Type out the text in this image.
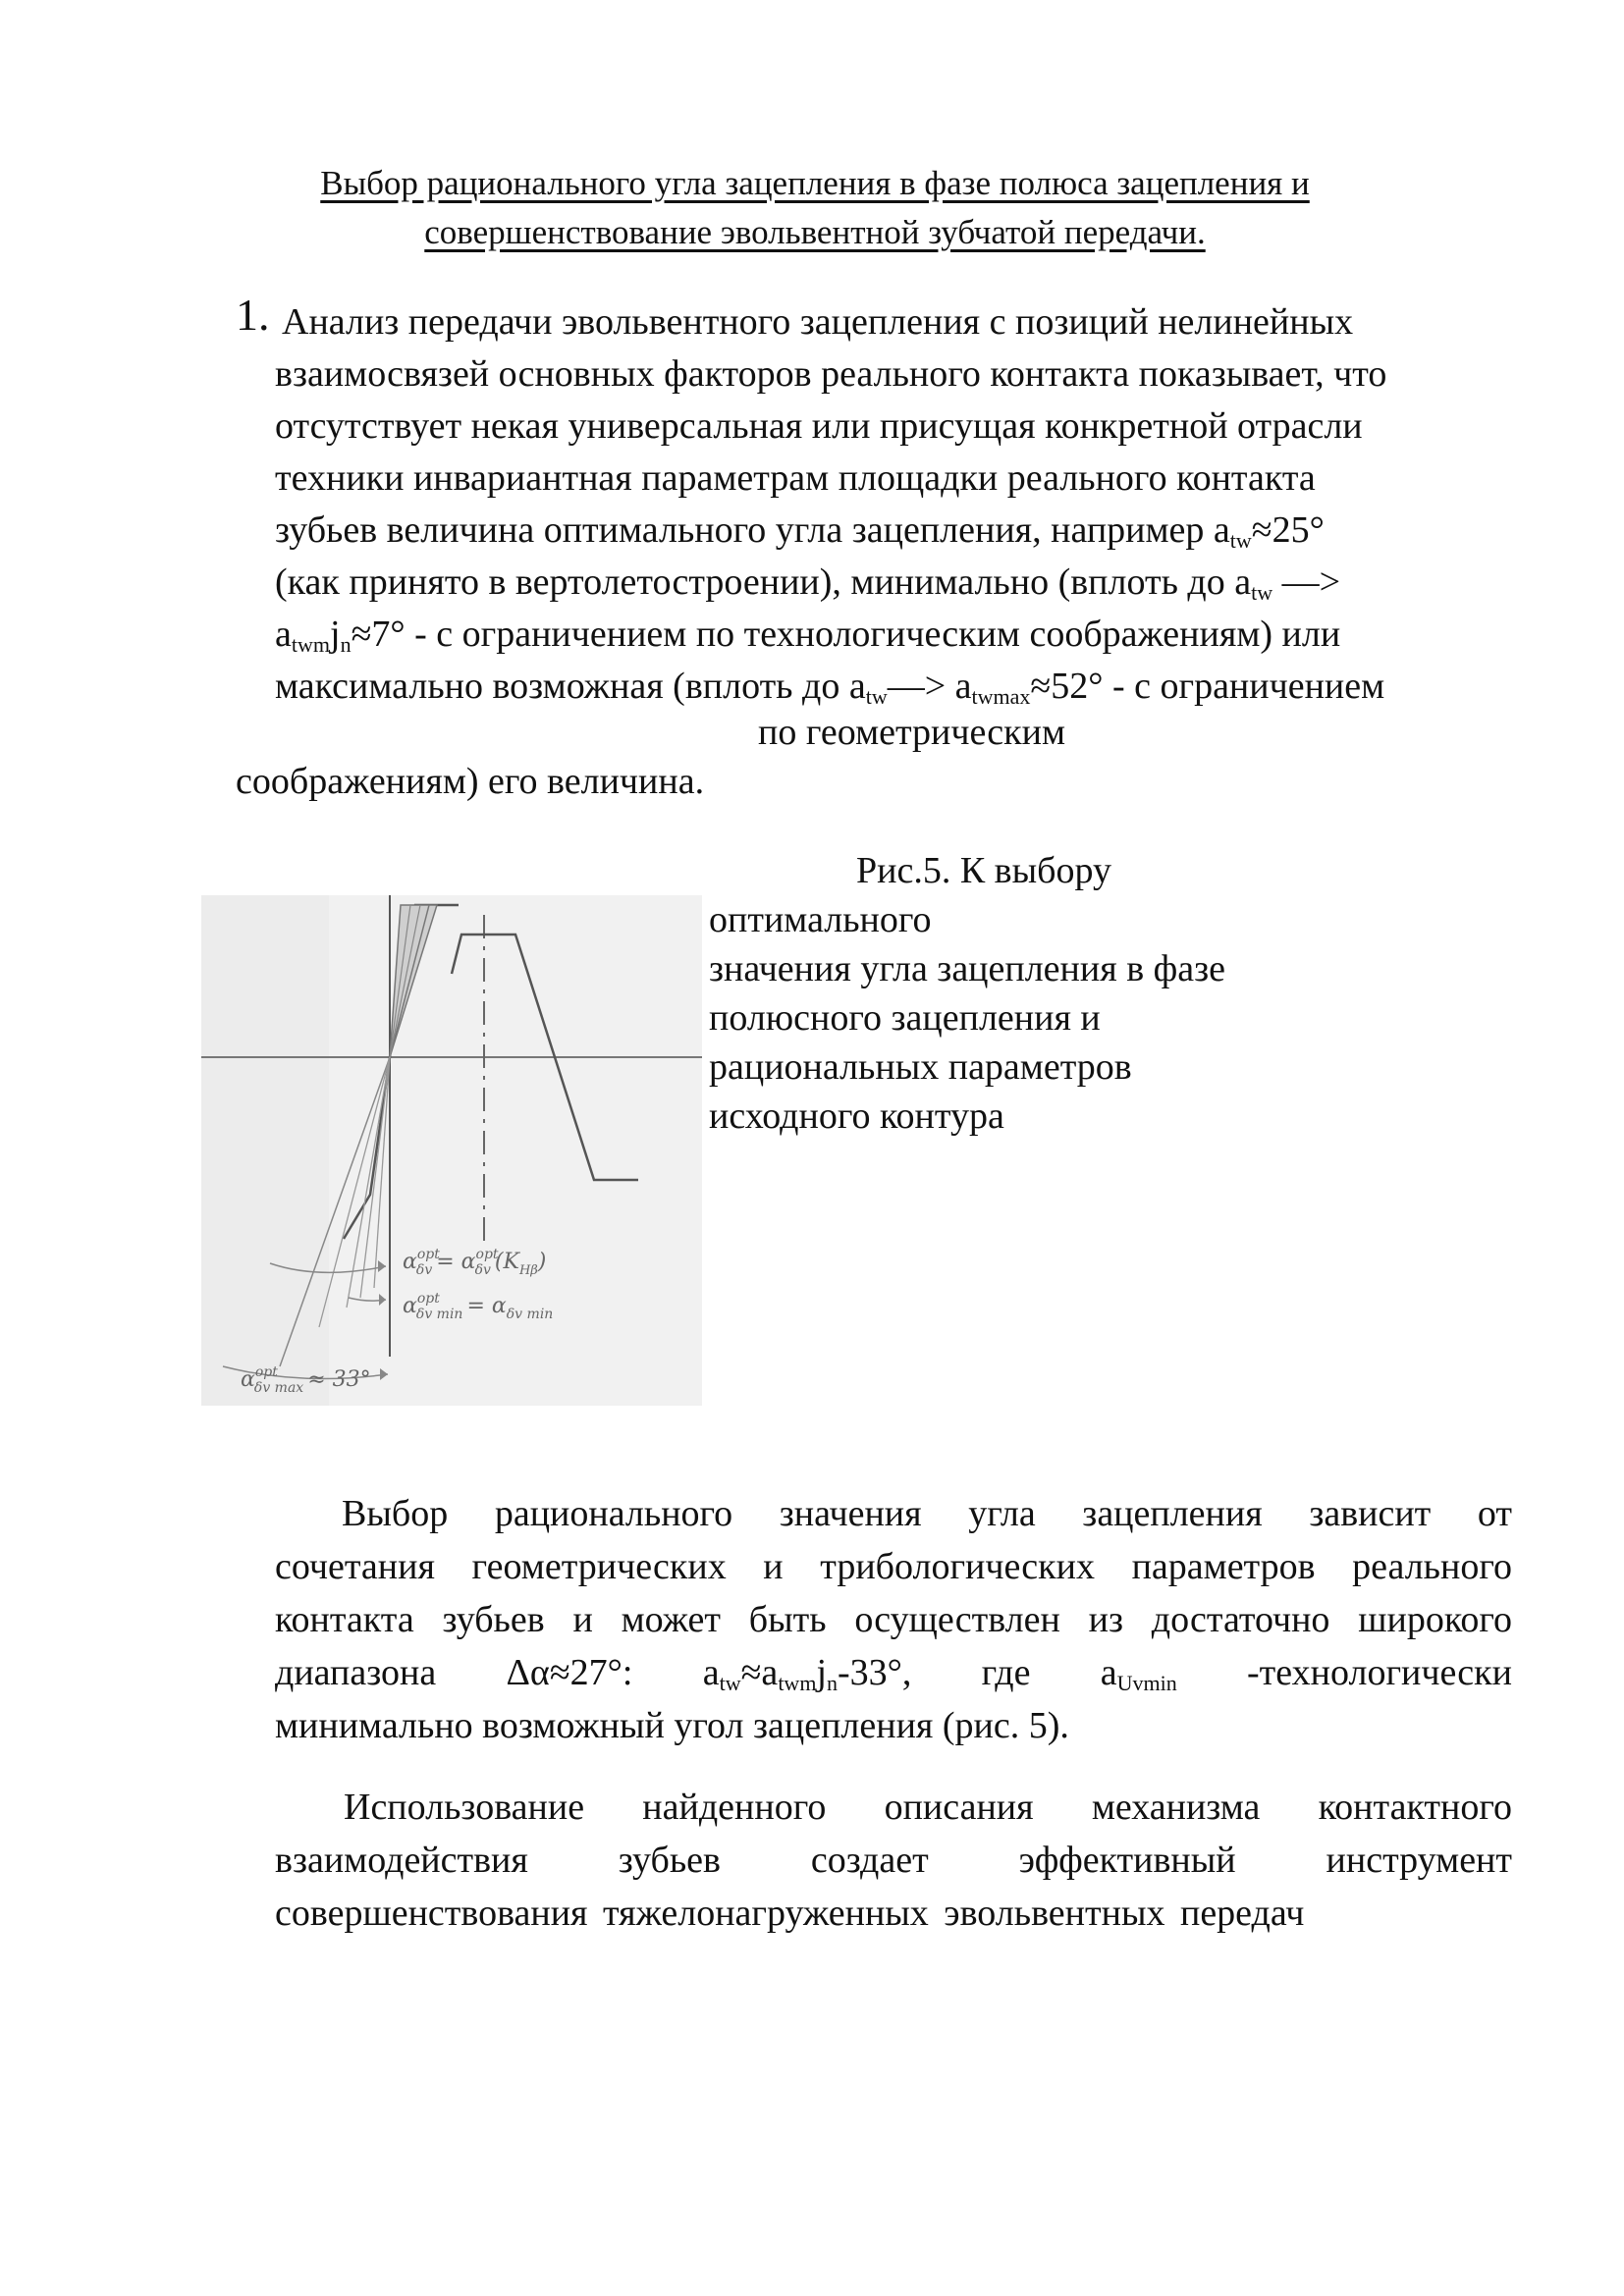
Выбор рационального угла зацепления в фазе полюса зацепления и
совершенствование эвольвентной зубчатой передачи.
1. Анализ передачи эвольвентного зацепления с позиций нелинейных
взаимосвязей основных факторов реального контакта показывает, что
отсутствует некая универсальная или присущая конкретной отрасли
техники инвариантная параметрам площадки реального контакта
зубьев величина оптимального угла зацепления, например $a_{tw}\approx 25^\circ$
(как принято в вертолетостроении), минимально (вплоть до $a_{tw}$ —>
$a_{twm}j_n\approx 7^\circ - с$ ограничением по технологическим соображениям) или
максимально возможная (вплоть до $a_{tw}—> a_{twmax}\approx 52^\circ - с$ ограничением
по геометрическим
соображениям) его величина.
Рис.5. К выбору
оптимального
значения угла зацепления в фазе
полюсного зацепления и
рациональных параметров
исходного контура
$\alpha^{opt}$ $\delta v = \alpha^{opt}$ δv $(K_{H\beta})$
$\alpha^{opt}$ δv $\min = \alpha_{\delta v min}$
$\alpha^{opt}$ δv max ≈ 33°
Выбор рационального значения угла зацепления зависит от
сочетания геометрических и трибологических параметров реального
контакта зубьев и может быть осуществлен из достаточно широкого
диапазона Δα≈27°: $a_{tw}\approx a_{twm}j_n-33^\circ$, где $a_{Uvmin}$ -технологически
минимально возможный угол зацепления (рис. 5).
Использование найденного описания механизма контактного
взаимодействия зубьев создает эффективный инструмент
совершенствования тяжелонагруженных эвольвентных передач
